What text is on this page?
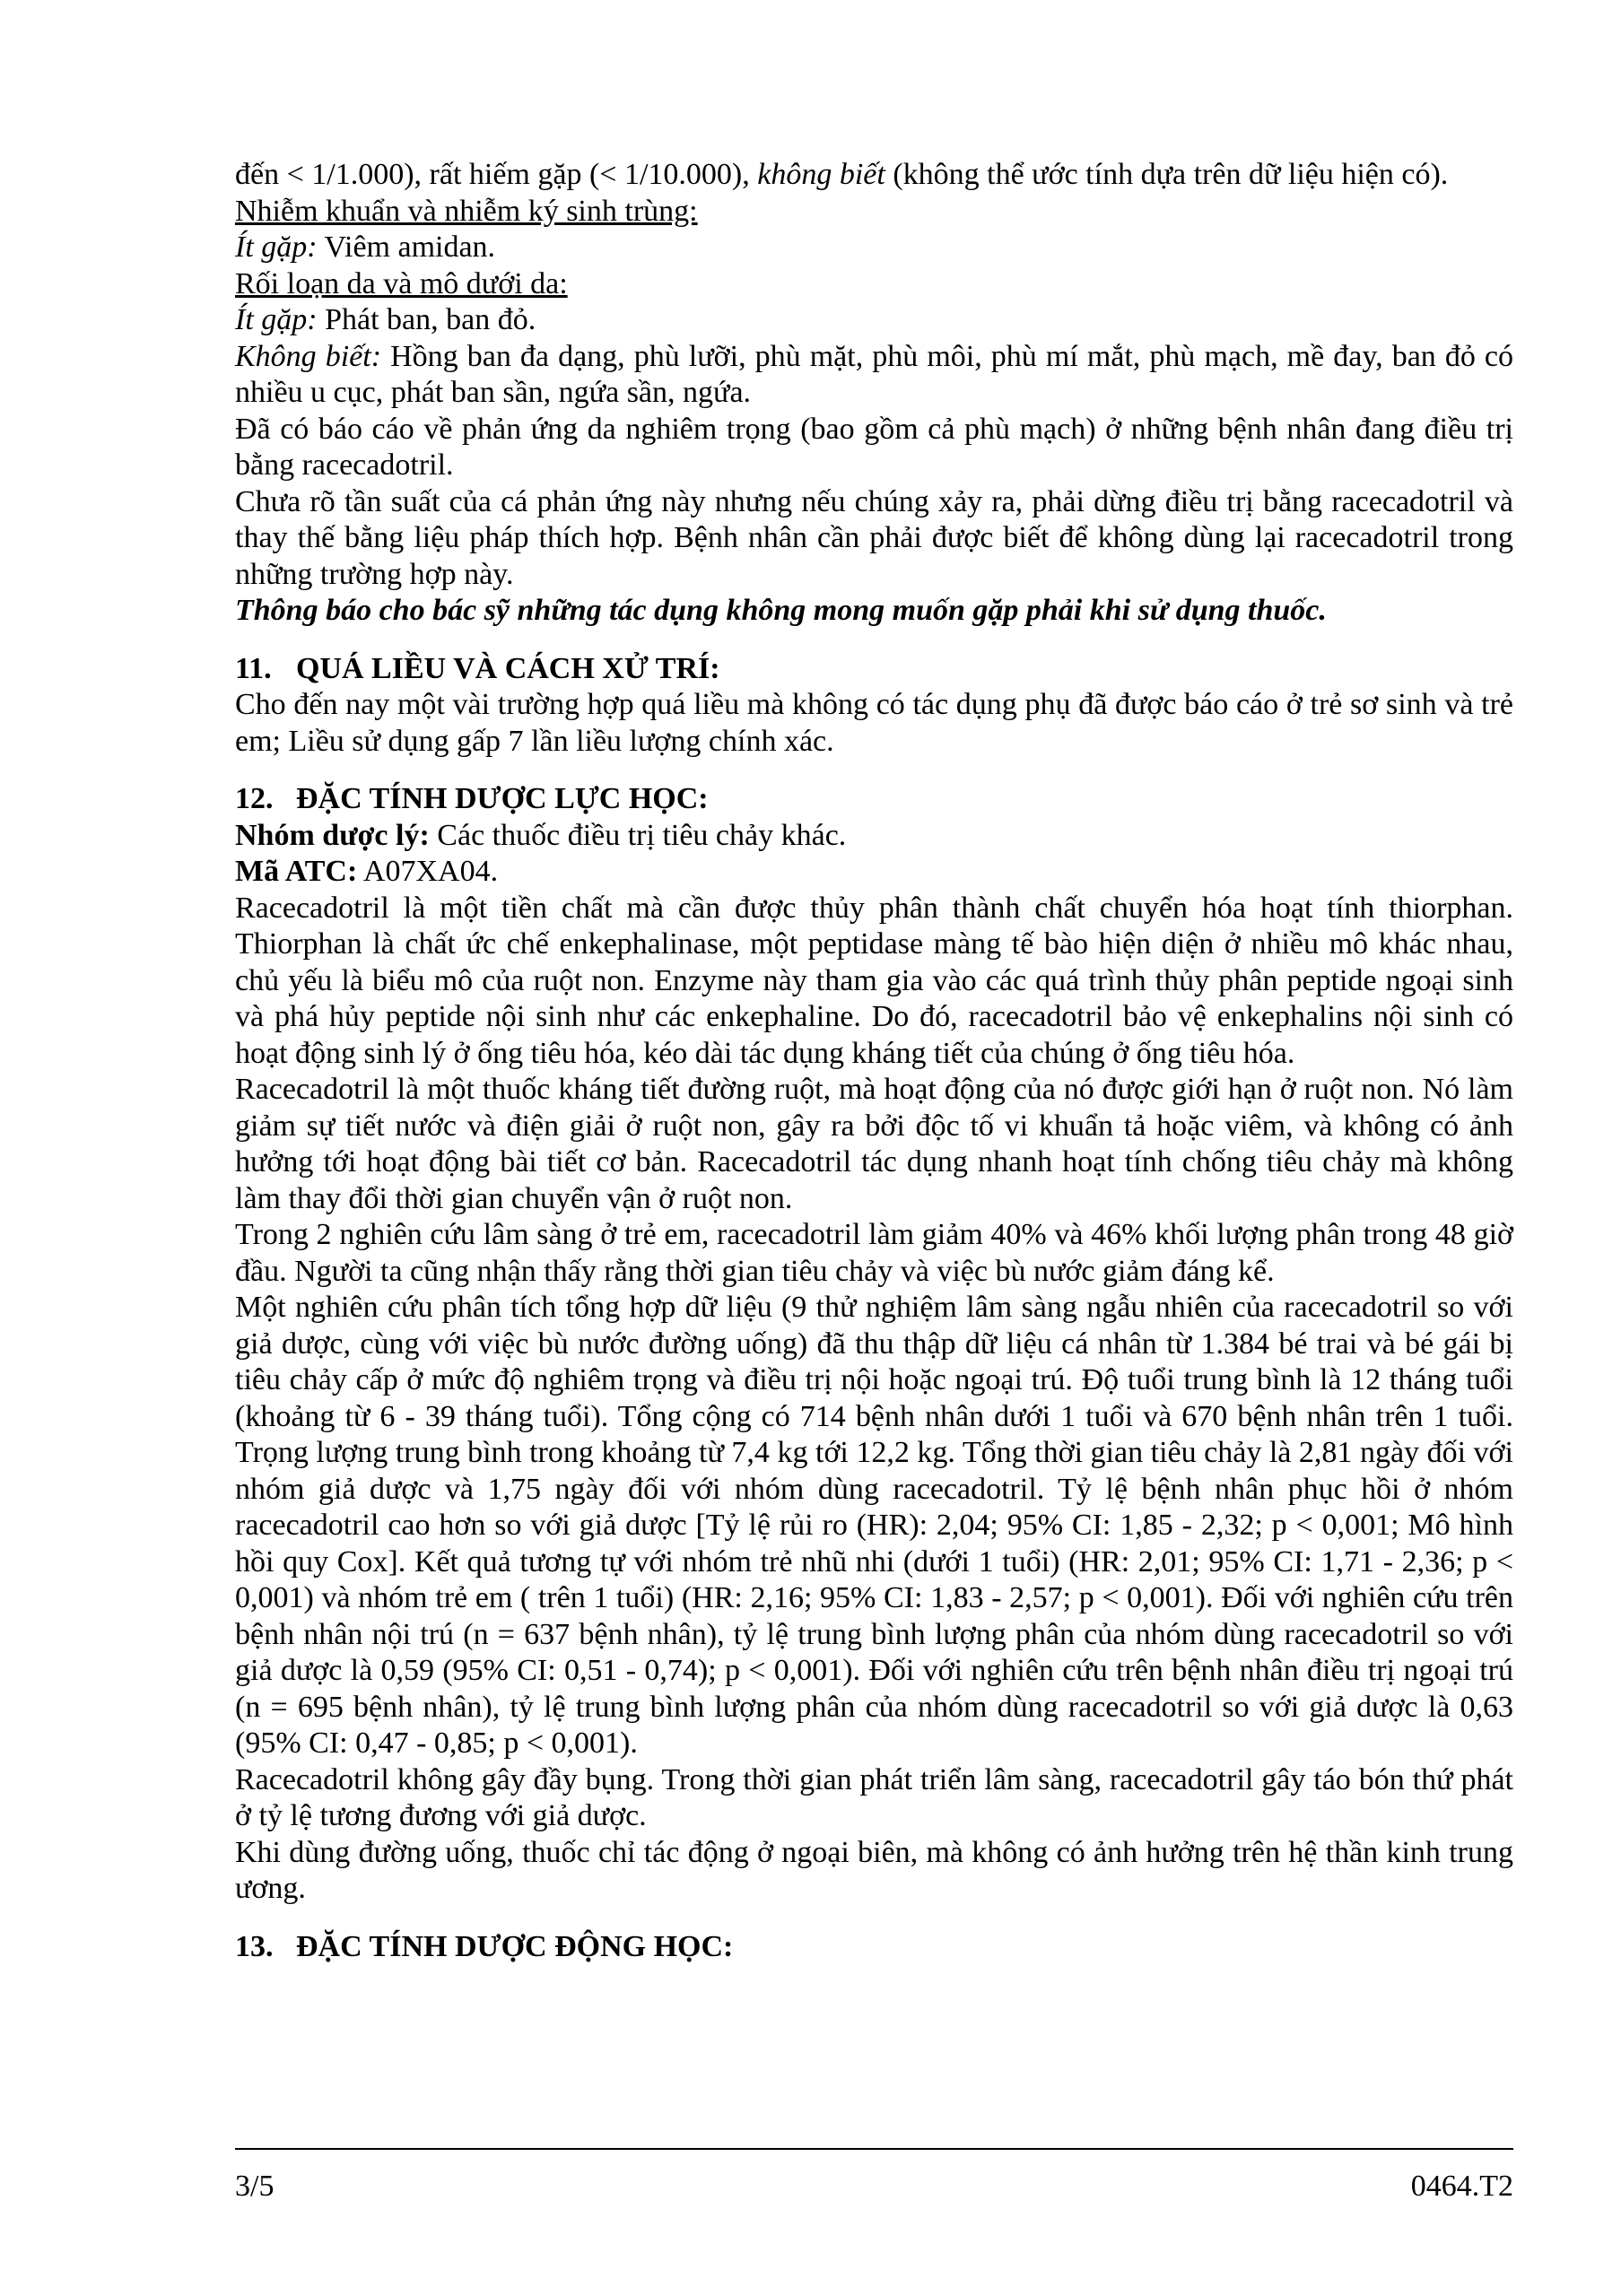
đến < 1/1.000), rất hiếm gặp (< 1/10.000), không biết (không thể ước tính dựa trên dữ liệu hiện có).

Nhiễm khuẩn và nhiễm ký sinh trùng:

Ít gặp: Viêm amidan.

Rối loạn da và mô dưới da:

Ít gặp: Phát ban, ban đỏ.

Không biết: Hồng ban đa dạng, phù lưỡi, phù mặt, phù môi, phù mí mắt, phù mạch, mề đay, ban đỏ có nhiều u cục, phát ban sần, ngứa sần, ngứa.

Đã có báo cáo về phản ứng da nghiêm trọng (bao gồm cả phù mạch) ở những bệnh nhân đang điều trị bằng racecadotril.

Chưa rõ tần suất của cá phản ứng này nhưng nếu chúng xảy ra, phải dừng điều trị bằng racecadotril và thay thế bằng liệu pháp thích hợp. Bệnh nhân cần phải được biết để không dùng lại racecadotril trong những trường hợp này.

Thông báo cho bác sỹ những tác dụng không mong muốn gặp phải khi sử dụng thuốc.

11. QUÁ LIỀU VÀ CÁCH XỬ TRÍ:

Cho đến nay một vài trường hợp quá liều mà không có tác dụng phụ đã được báo cáo ở trẻ sơ sinh và trẻ em; Liều sử dụng gấp 7 lần liều lượng chính xác.

12. ĐẶC TÍNH DƯỢC LỰC HỌC:

Nhóm dược lý: Các thuốc điều trị tiêu chảy khác.

Mã ATC: A07XA04.

Racecadotril là một tiền chất mà cần được thủy phân thành chất chuyển hóa hoạt tính thiorphan. Thiorphan là chất ức chế enkephalinase, một peptidase màng tế bào hiện diện ở nhiều mô khác nhau, chủ yếu là biểu mô của ruột non. Enzyme này tham gia vào các quá trình thủy phân peptide ngoại sinh và phá hủy peptide nội sinh như các enkephaline. Do đó, racecadotril bảo vệ enkephalins nội sinh có hoạt động sinh lý ở ống tiêu hóa, kéo dài tác dụng kháng tiết của chúng ở ống tiêu hóa.

Racecadotril là một thuốc kháng tiết đường ruột, mà hoạt động của nó được giới hạn ở ruột non. Nó làm giảm sự tiết nước và điện giải ở ruột non, gây ra bởi độc tố vi khuẩn tả hoặc viêm, và không có ảnh hưởng tới hoạt động bài tiết cơ bản. Racecadotril tác dụng nhanh hoạt tính chống tiêu chảy mà không làm thay đổi thời gian chuyển vận ở ruột non.

Trong 2 nghiên cứu lâm sàng ở trẻ em, racecadotril làm giảm 40% và 46% khối lượng phân trong 48 giờ đầu. Người ta cũng nhận thấy rằng thời gian tiêu chảy và việc bù nước giảm đáng kể.

Một nghiên cứu phân tích tổng hợp dữ liệu (9 thử nghiệm lâm sàng ngẫu nhiên của racecadotril so với giả dược, cùng với việc bù nước đường uống) đã thu thập dữ liệu cá nhân từ 1.384 bé trai và bé gái bị tiêu chảy cấp ở mức độ nghiêm trọng và điều trị nội hoặc ngoại trú. Độ tuổi trung bình là 12 tháng tuổi (khoảng từ 6 - 39 tháng tuổi). Tổng cộng có 714 bệnh nhân dưới 1 tuổi và 670 bệnh nhân trên 1 tuổi. Trọng lượng trung bình trong khoảng từ 7,4 kg tới 12,2 kg. Tổng thời gian tiêu chảy là 2,81 ngày đối với nhóm giả dược và 1,75 ngày đối với nhóm dùng racecadotril. Tỷ lệ bệnh nhân phục hồi ở nhóm racecadotril cao hơn so với giả dược [Tỷ lệ rủi ro (HR): 2,04; 95% CI: 1,85 - 2,32; p < 0,001; Mô hình hồi quy Cox]. Kết quả tương tự với nhóm trẻ nhũ nhi (dưới 1 tuổi) (HR: 2,01; 95% CI: 1,71 - 2,36; p < 0,001) và nhóm trẻ em ( trên 1 tuổi) (HR: 2,16; 95% CI: 1,83 - 2,57; p < 0,001). Đối với nghiên cứu trên bệnh nhân nội trú (n = 637 bệnh nhân), tỷ lệ trung bình lượng phân của nhóm dùng racecadotril so với giả dược là 0,59 (95% CI: 0,51 - 0,74); p < 0,001). Đối với nghiên cứu trên bệnh nhân điều trị ngoại trú (n = 695 bệnh nhân), tỷ lệ trung bình lượng phân của nhóm dùng racecadotril so với giả dược là 0,63 (95% CI: 0,47 - 0,85; p < 0,001).

Racecadotril không gây đầy bụng. Trong thời gian phát triển lâm sàng, racecadotril gây táo bón thứ phát ở tỷ lệ tương đương với giả dược.

Khi dùng đường uống, thuốc chỉ tác động ở ngoại biên, mà không có ảnh hưởng trên hệ thần kinh trung ương.

13. ĐẶC TÍNH DƯỢC ĐỘNG HỌC:

3/5	0464.T2
